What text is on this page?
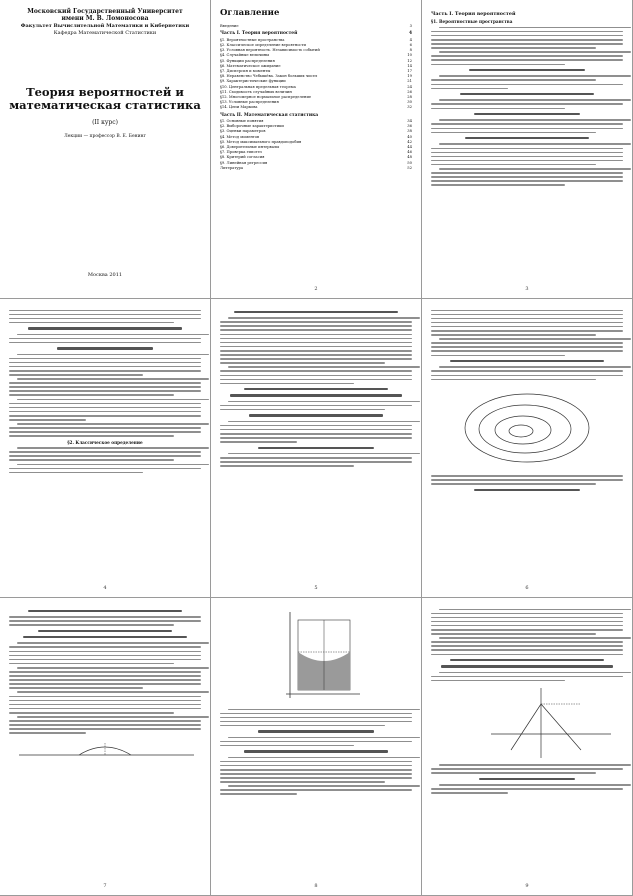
Московский Государственный Университет
имени М. В. Ломоносова
Факультет Вычислительной Математики и Кибернетики
Кафедра Математической Статистики
Теория вероятностей и
математическая статистика
(II курс)
Лекции — профессор В. Е. Бенинг
Москва 2011
Оглавление
Введение	3
Часть I. Теория вероятностей	4
§1. Вероятностные пространства	4
§2. Классическое определение вероятности	6
§3. Условная вероятность. Независимость событий	8
§4. Случайные величины	10
§5. Функции распределения	12
§6. Математическое ожидание	14
§7. Дисперсия и моменты	17
§8. Неравенство Чебышёва. Закон больших чисел	19
§9. Характеристические функции	21
§10. Центральная предельная теорема	24
§11. Сходимость случайных величин	26
§12. Многомерное нормальное распределение	28
§13. Условные распределения	30
§14. Цепи Маркова	32
Часть II. Математическая статистика
§1. Основные понятия	34
§2. Выборочные характеристики	36
§3. Оценки параметров	38
§4. Метод моментов	40
§5. Метод максимального правдоподобия	42
§6. Доверительные интервалы	44
§7. Проверка гипотез	46
§8. Критерий согласия	48
§9. Линейная регрессия	50
Литература	52
2
Часть I. Теория вероятностей
§1. Вероятностные пространства
3
§2. Классическое определение
4	5	6
7	8	9
